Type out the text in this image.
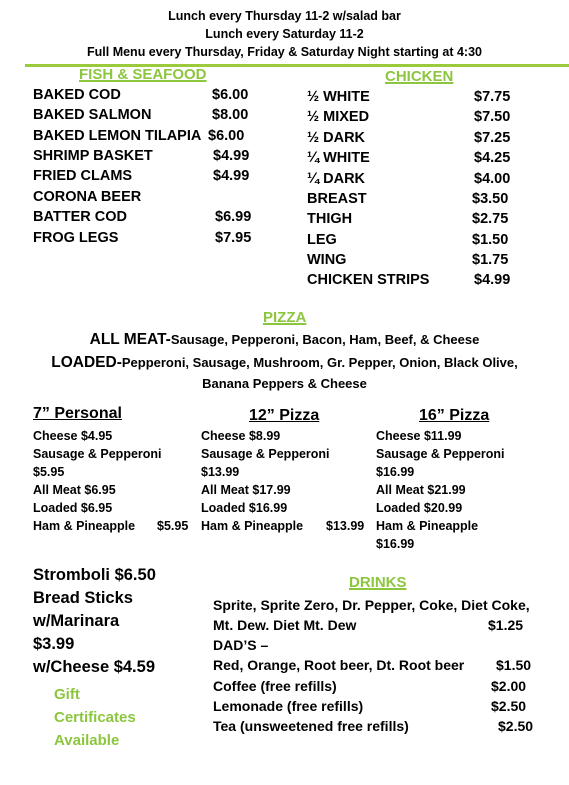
Lunch every Thursday 11-2 w/salad bar
Lunch every Saturday 11-2
Full Menu every Thursday, Friday & Saturday Night starting at 4:30
FISH & SEAFOOD
BAKED COD	$6.00
BAKED SALMON	$8.00
BAKED LEMON TILAPIA $6.00
SHRIMP BASKET	$4.99
FRIED CLAMS	$4.99
CORONA BEER
BATTER COD	$6.99
FROG LEGS	$7.95
CHICKEN
½ WHITE	$7.75
½ MIXED	$7.50
½ DARK	$7.25
¼ WHITE	$4.25
¼ DARK	$4.00
BREAST	$3.50
THIGH	$2.75
LEG	$1.50
WING	$1.75
CHICKEN STRIPS	$4.99
PIZZA
ALL MEAT-Sausage, Pepperoni, Bacon, Ham, Beef, & Cheese
LOADED-Pepperoni, Sausage, Mushroom, Gr. Pepper, Onion, Black Olive,
Banana Peppers & Cheese
7” Personal
Cheese $4.95
Sausage & Pepperoni
$5.95
All Meat $6.95
Loaded $6.95
Ham & Pineapple $5.95
12” Pizza
Cheese $8.99
Sausage & Pepperoni
$13.99
All Meat $17.99
Loaded $16.99
Ham & Pineapple $13.99
16” Pizza
Cheese $11.99
Sausage & Pepperoni
$16.99
All Meat $21.99
Loaded $20.99
Ham & Pineapple
$16.99
Stromboli $6.50
Bread Sticks
w/Marinara
$3.99
w/Cheese $4.59
Gift
Certificates
Available
DRINKS
Sprite, Sprite Zero, Dr. Pepper, Coke, Diet Coke,
Mt. Dew. Diet Mt. Dew	$1.25
DAD’S –
Red, Orange, Root beer, Dt. Root beer $1.50
Coffee (free refills)	$2.00
Lemonade (free refills)	$2.50
Tea (unsweetened free refills)	$2.50
